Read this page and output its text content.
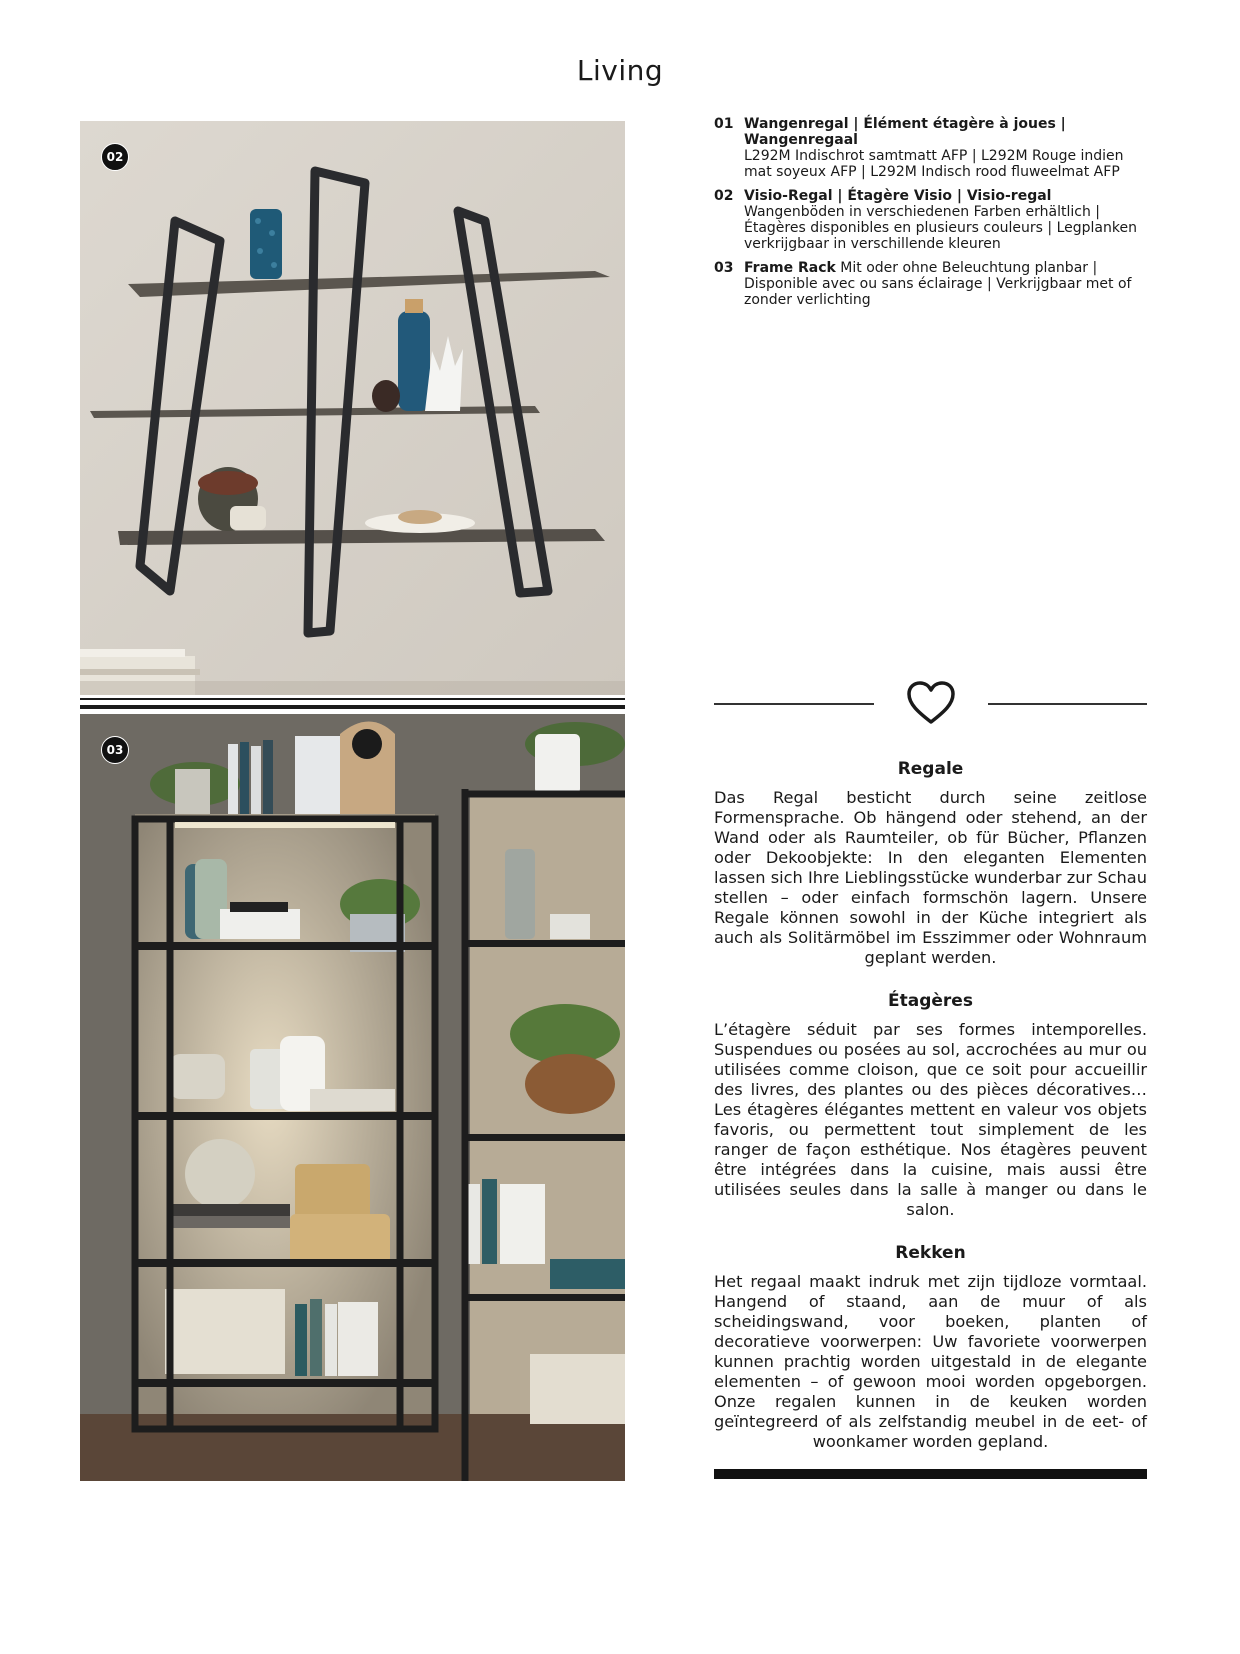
Living
02
03
01 Wangenregal | Élément étagère à joues | Wangenregaal
L292M Indischrot samtmatt AFP | L292M Rouge indien mat soyeux AFP | L292M Indisch rood fluweelmat AFP
02 Visio-Regal | Étagère Visio | Visio-regal Wangenböden in verschiedenen Farben erhältlich | Étagères disponibles en plusieurs couleurs | Legplanken verkrijgbaar in verschillende kleuren
03 Frame Rack Mit oder ohne Beleuchtung planbar | Disponible avec ou sans éclairage | Verkrijgbaar met of zonder verlichting
Regale

Das Regal besticht durch seine zeitlose Formensprache. Ob hängend oder stehend, an der Wand oder als Raumteiler, ob für Bücher, Pflanzen oder Dekoobjekte: In den eleganten Elementen lassen sich Ihre Lieblingsstücke wunderbar zur Schau stellen – oder einfach formschön lagern. Unsere Regale können sowohl in der Küche integriert als auch als Solitärmöbel im Esszimmer oder Wohnraum geplant werden.

Étagères

L’étagère séduit par ses formes intemporelles. Suspendues ou posées au sol, accrochées au mur ou utilisées comme cloison, que ce soit pour accueillir des livres, des plantes ou des pièces décoratives… Les étagères élégantes mettent en valeur vos objets favoris, ou permettent tout simplement de les ranger de façon esthétique. Nos étagères peuvent être intégrées dans la cuisine, mais aussi être utilisées seules dans la salle à manger ou dans le salon.

Rekken

Het regaal maakt indruk met zijn tijdloze vormtaal. Hangend of staand, aan de muur of als scheidingswand, voor boeken, planten of decoratieve voorwerpen: Uw favoriete voorwerpen kunnen prachtig worden uitgestald in de elegante elementen – of gewoon mooi worden opgeborgen. Onze regalen kunnen in de keuken worden geïntegreerd of als zelfstandig meubel in de eet- of woonkamer worden gepland.
